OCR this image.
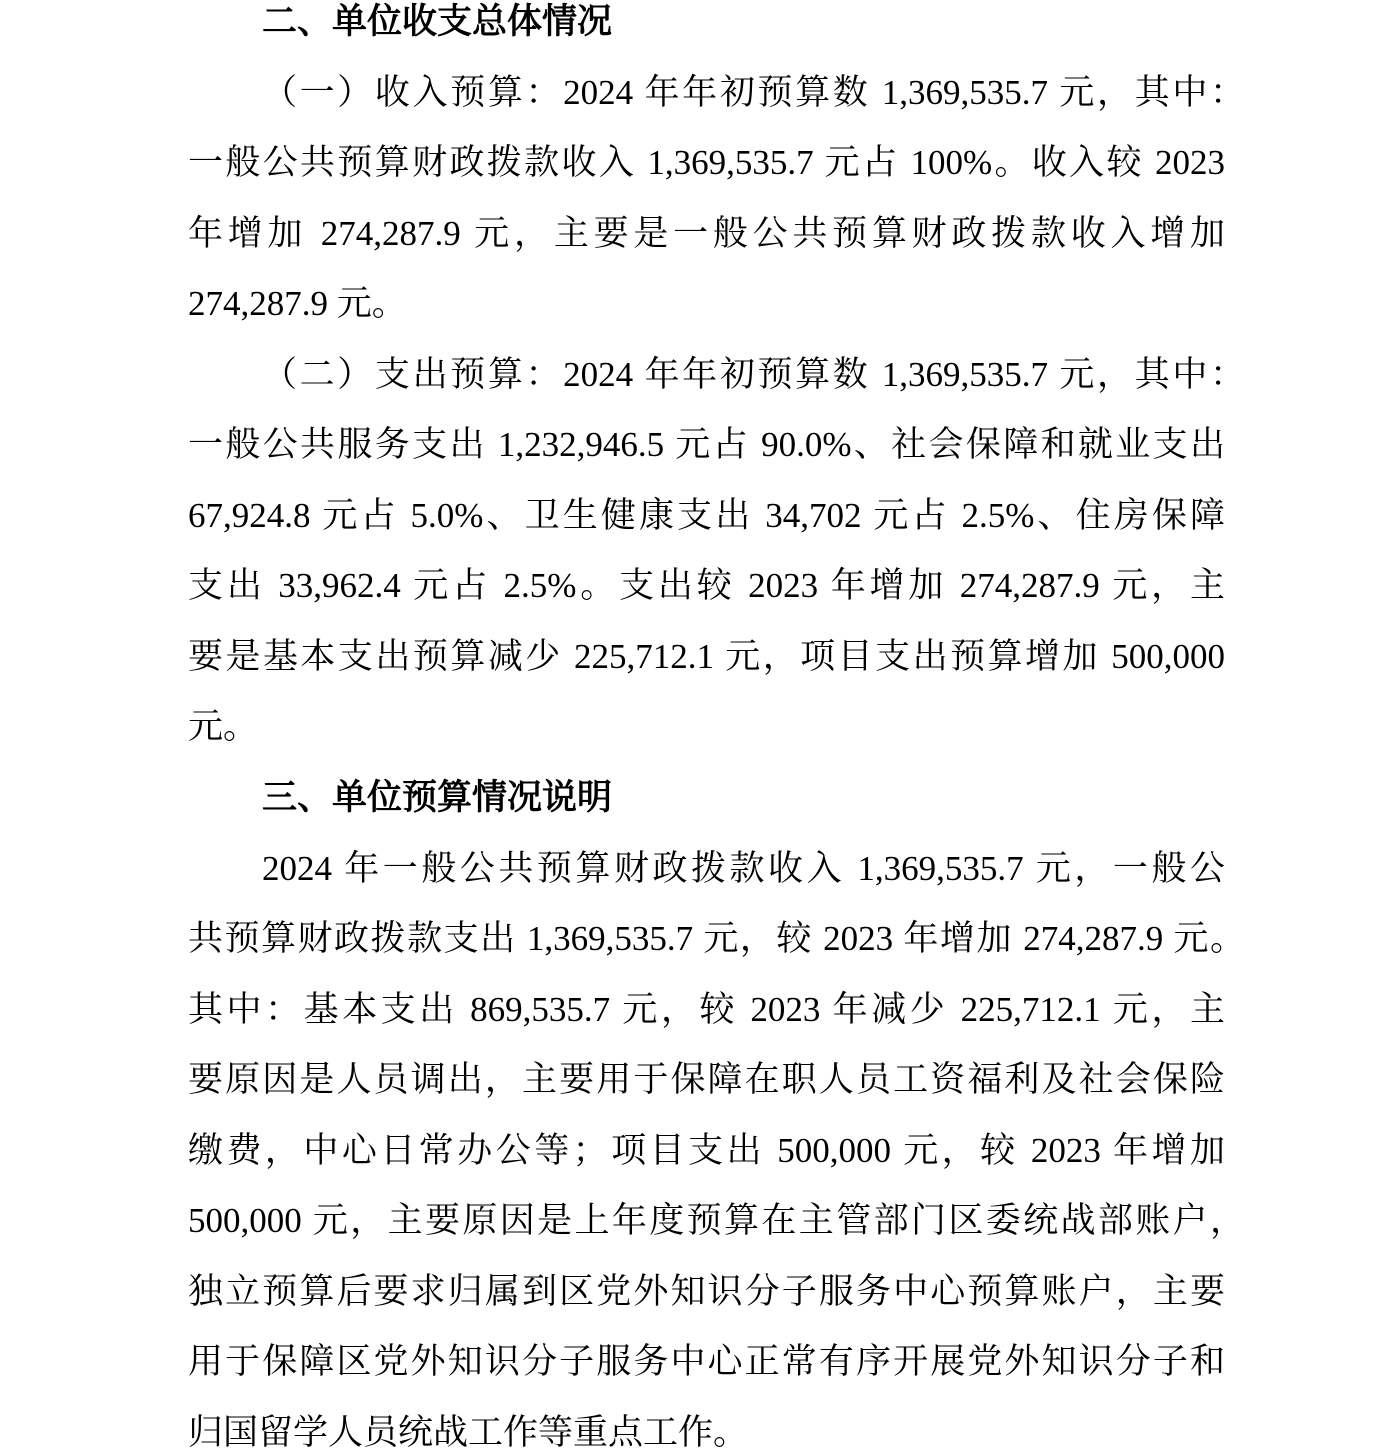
二、单位收支总体情况
（一）收入预算：2024 年年初预算数 1,369,535.7 元，其中：
一般公共预算财政拨款收入 1,369,535.7 元占 100%。收入较 2023
年增加 274,287.9 元，主要是一般公共预算财政拨款收入增加
274,287.9 元。
（二）支出预算：2024 年年初预算数 1,369,535.7 元，其中：
一般公共服务支出 1,232,946.5 元占 90.0%、社会保障和就业支出
67,924.8 元占 5.0%、卫生健康支出 34,702 元占 2.5%、住房保障
支出 33,962.4 元占 2.5%。支出较 2023 年增加 274,287.9 元，主
要是基本支出预算减少 225,712.1 元，项目支出预算增加 500,000
元。
三、单位预算情况说明
2024 年一般公共预算财政拨款收入 1,369,535.7 元，一般公
共预算财政拨款支出 1,369,535.7 元，较 2023 年增加 274,287.9 元。
其中：基本支出 869,535.7 元，较 2023 年减少 225,712.1 元，主
要原因是人员调出，主要用于保障在职人员工资福利及社会保险
缴费，中心日常办公等；项目支出 500,000 元，较 2023 年增加
500,000 元，主要原因是上年度预算在主管部门区委统战部账户，
独立预算后要求归属到区党外知识分子服务中心预算账户，主要
用于保障区党外知识分子服务中心正常有序开展党外知识分子和
归国留学人员统战工作等重点工作。
